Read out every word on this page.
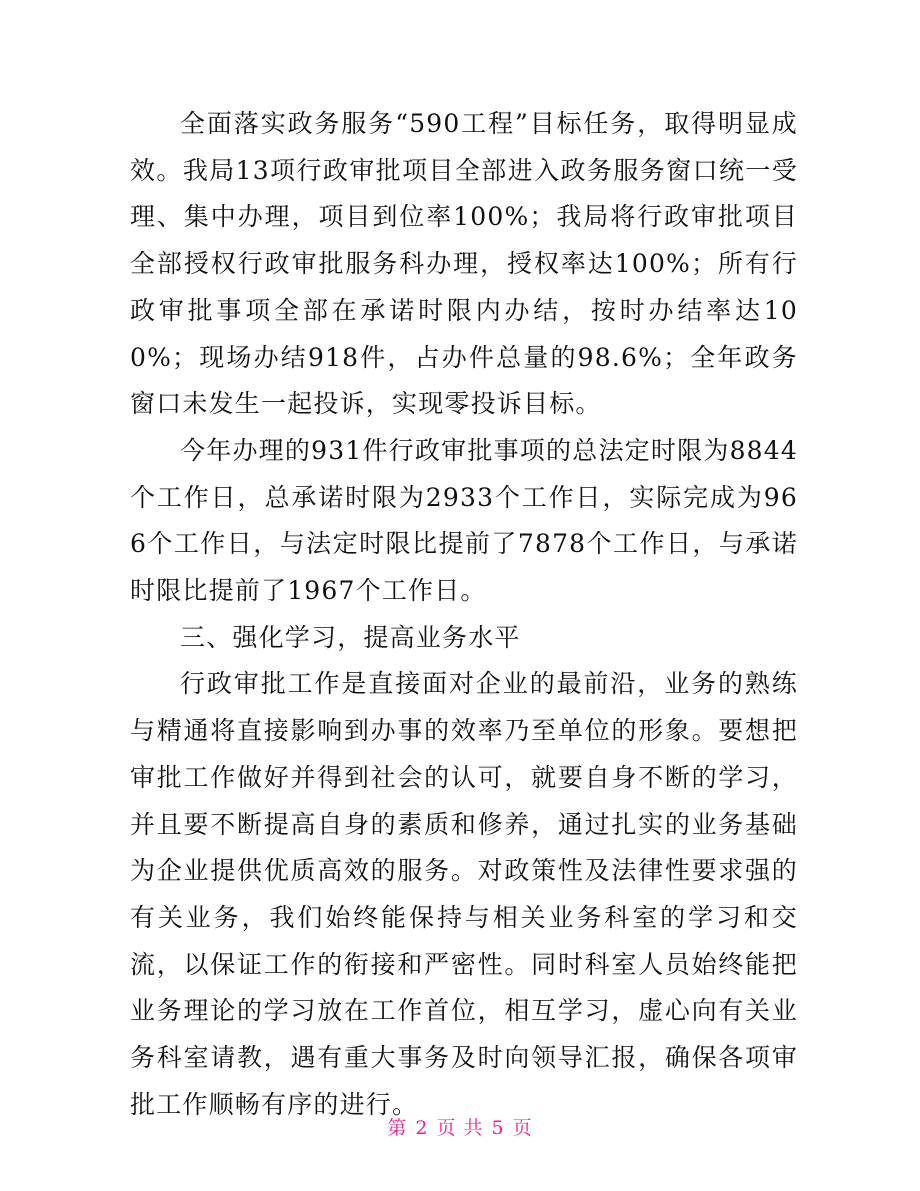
全面落实政务服务“590工程”目标任务，取得明显成效。我局13项行政审批项目全部进入政务服务窗口统一受理、集中办理，项目到位率100%；我局将行政审批项目全部授权行政审批服务科办理，授权率达100%；所有行政审批事项全部在承诺时限内办结，按时办结率达100%；现场办结918件，占办件总量的98.6%；全年政务窗口未发生一起投诉，实现零投诉目标。

今年办理的931件行政审批事项的总法定时限为8844个工作日，总承诺时限为2933个工作日，实际完成为966个工作日，与法定时限比提前了7878个工作日，与承诺时限比提前了1967个工作日。

三、强化学习，提高业务水平

行政审批工作是直接面对企业的最前沿，业务的熟练与精通将直接影响到办事的效率乃至单位的形象。要想把审批工作做好并得到社会的认可，就要自身不断的学习，并且要不断提高自身的素质和修养，通过扎实的业务基础为企业提供优质高效的服务。对政策性及法律性要求强的有关业务，我们始终能保持与相关业务科室的学习和交流，以保证工作的衔接和严密性。同时科室人员始终能把业务理论的学习放在工作首位，相互学习，虚心向有关业务科室请教，遇有重大事务及时向领导汇报，确保各项审批工作顺畅有序的进行。

第 2 页 共 5 页
